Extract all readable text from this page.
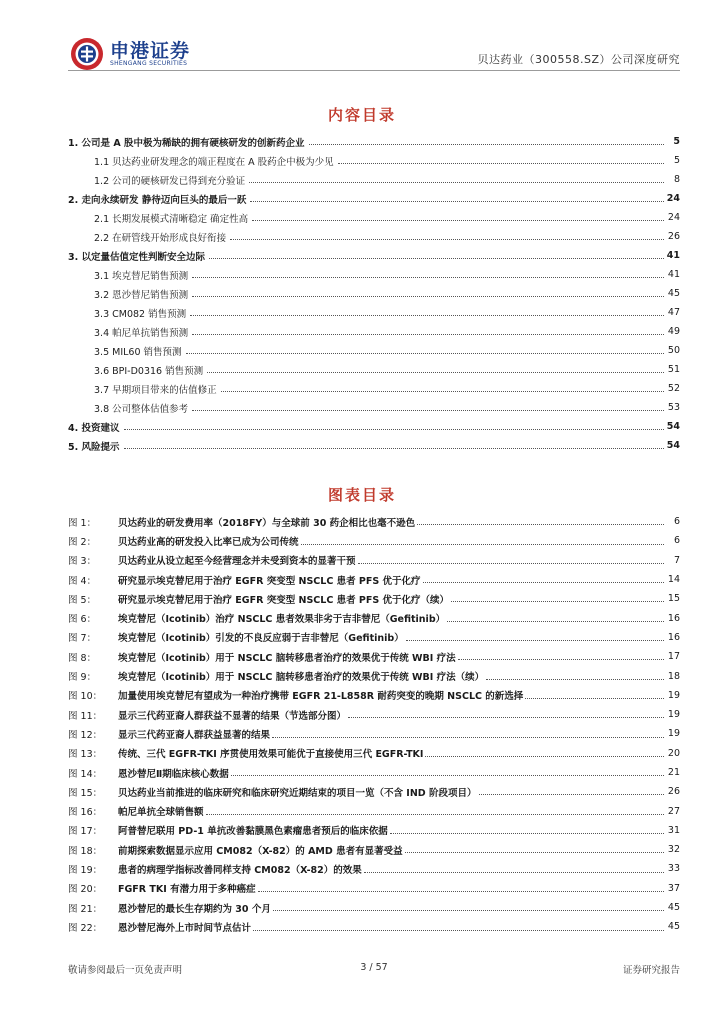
申港证券
SHENGANG SECURITIES	贝达药业（300558.SZ）公司深度研究
内容目录
1. 公司是 A 股中极为稀缺的拥有硬核研发的创新药企业	5
1.1 贝达药业研发理念的端正程度在 A 股药企中极为少见	5
1.2 公司的硬核研发已得到充分验证	8
2. 走向永续研发 静待迈向巨头的最后一跃	24
2.1 长期发展模式清晰稳定 确定性高	24
2.2 在研管线开始形成良好衔接	26
3. 以定量估值定性判断安全边际	41
3.1 埃克替尼销售预测	41
3.2 恩沙替尼销售预测	45
3.3 CM082 销售预测	47
3.4 帕尼单抗销售预测	49
3.5 MIL60 销售预测	50
3.6 BPI-D0316 销售预测	51
3.7 早期项目带来的估值修正	52
3.8 公司整体估值参考	53
4. 投资建议	54
5. 风险提示	54
图表目录
图 1：	贝达药业的研发费用率（2018FY）与全球前 30 药企相比也毫不逊色	6
图 2：	贝达药业高的研发投入比率已成为公司传统	6
图 3：	贝达药业从设立起至今经营理念并未受到资本的显著干预	7
图 4：	研究显示埃克替尼用于治疗 EGFR 突变型 NSCLC 患者 PFS 优于化疗	14
图 5：	研究显示埃克替尼用于治疗 EGFR 突变型 NSCLC 患者 PFS 优于化疗（续）	15
图 6：	埃克替尼（Icotinib）治疗 NSCLC 患者效果非劣于吉非替尼（Gefitinib）	16
图 7：	埃克替尼（Icotinib）引发的不良反应弱于吉非替尼（Gefitinib）	16
图 8：	埃克替尼（Icotinib）用于 NSCLC 脑转移患者治疗的效果优于传统 WBI 疗法	17
图 9：	埃克替尼（Icotinib）用于 NSCLC 脑转移患者治疗的效果优于传统 WBI 疗法（续）	18
图 10：	加量使用埃克替尼有望成为一种治疗携带 EGFR 21-L858R 耐药突变的晚期 NSCLC 的新选择	19
图 11：	显示三代药亚裔人群获益不显著的结果（节选部分图）	19
图 12：	显示三代药亚裔人群获益显著的结果	19
图 13：	传统、三代 EGFR-TKI 序贯使用效果可能优于直接使用三代 EGFR-TKI	20
图 14：	恩沙替尼Ⅱ期临床核心数据	21
图 15：	贝达药业当前推进的临床研究和临床研究近期结束的项目一览（不含 IND 阶段项目）	26
图 16：	帕尼单抗全球销售额	27
图 17：	阿普替尼联用 PD-1 单抗改善黏膜黑色素瘤患者预后的临床依据	31
图 18：	前期探索数据显示应用 CM082（X-82）的 AMD 患者有显著受益	32
图 19：	患者的病理学指标改善同样支持 CM082（X-82）的效果	33
图 20：	FGFR TKI 有潜力用于多种癌症	37
图 21：	恩沙替尼的最长生存期约为 30 个月	45
图 22：	恩沙替尼海外上市时间节点估计	45
敬请参阅最后一页免责声明	3 / 57	证券研究报告
